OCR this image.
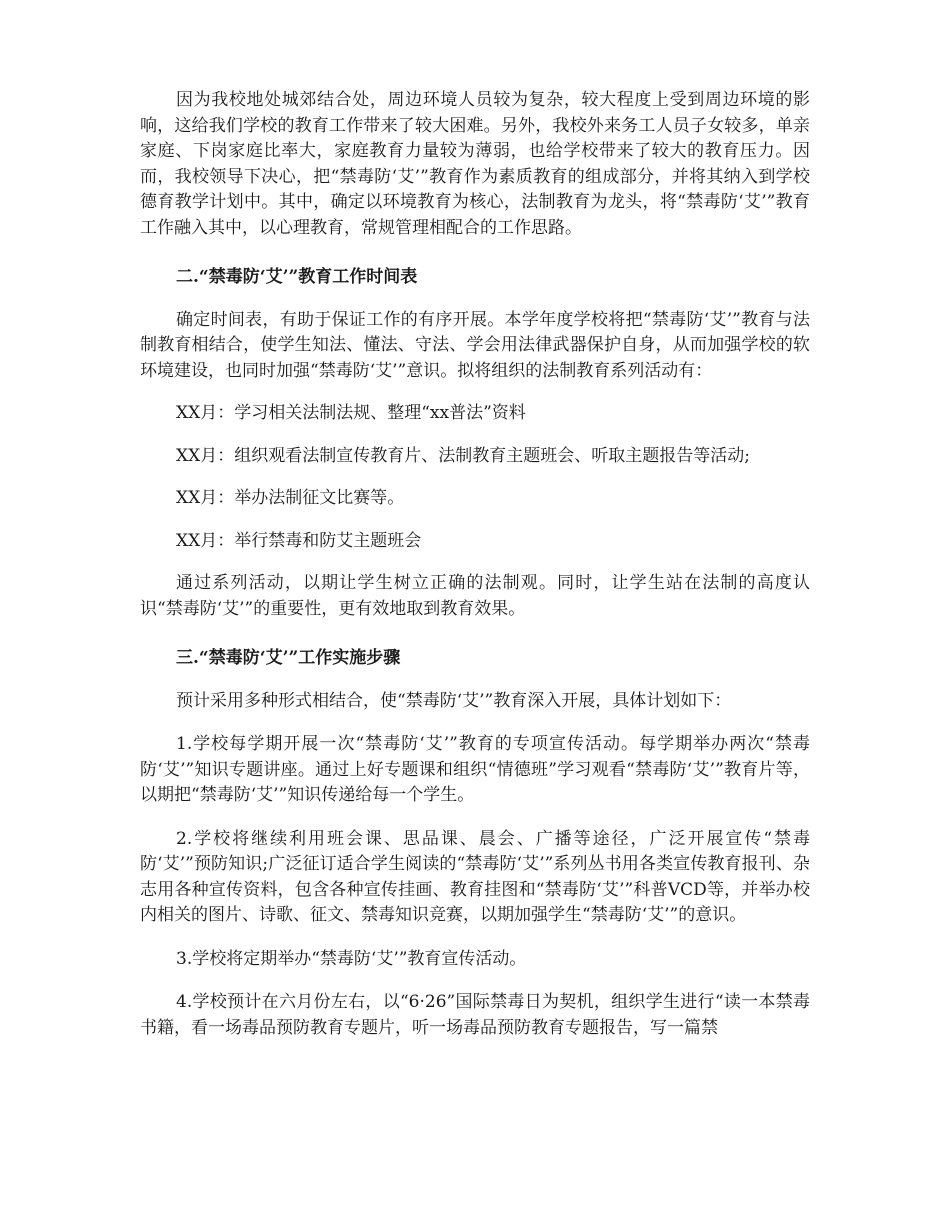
因为我校地处城郊结合处，周边环境人员较为复杂，较大程度上受到周边环境的影响，这给我们学校的教育工作带来了较大困难。另外，我校外来务工人员子女较多，单亲家庭、下岗家庭比率大，家庭教育力量较为薄弱，也给学校带来了较大的教育压力。因而，我校领导下决心，把“禁毒防‘艾’”教育作为素质教育的组成部分，并将其纳入到学校德育教学计划中。其中，确定以环境教育为核心，法制教育为龙头，将“禁毒防‘艾’”教育工作融入其中，以心理教育，常规管理相配合的工作思路。

二.“禁毒防‘艾’”教育工作时间表

确定时间表，有助于保证工作的有序开展。本学年度学校将把“禁毒防‘艾’”教育与法制教育相结合，使学生知法、懂法、守法、学会用法律武器保护自身，从而加强学校的软环境建设，也同时加强“禁毒防‘艾’”意识。拟将组织的法制教育系列活动有：

XX月：学习相关法制法规、整理“xx普法”资料

XX月：组织观看法制宣传教育片、法制教育主题班会、听取主题报告等活动;

XX月：举办法制征文比赛等。

XX月：举行禁毒和防艾主题班会

通过系列活动，以期让学生树立正确的法制观。同时，让学生站在法制的高度认识“禁毒防‘艾’”的重要性，更有效地取到教育效果。

三.“禁毒防‘艾’”工作实施步骤

预计采用多种形式相结合，使“禁毒防‘艾’”教育深入开展，具体计划如下：

1.学校每学期开展一次“禁毒防‘艾’”教育的专项宣传活动。每学期举办两次“禁毒防‘艾’”知识专题讲座。通过上好专题课和组织“情德班”学习观看“禁毒防‘艾’”教育片等，以期把“禁毒防‘艾’”知识传递给每一个学生。

2.学校将继续利用班会课、思品课、晨会、广播等途径，广泛开展宣传“禁毒防‘艾’”预防知识;广泛征订适合学生阅读的“禁毒防‘艾’”系列丛书用各类宣传教育报刊、杂志用各种宣传资料，包含各种宣传挂画、教育挂图和“禁毒防‘艾’”科普VCD等，并举办校内相关的图片、诗歌、征文、禁毒知识竞赛，以期加强学生“禁毒防‘艾’”的意识。

3.学校将定期举办“禁毒防‘艾’”教育宣传活动。

4.学校预计在六月份左右，以“6·26”国际禁毒日为契机，组织学生进行“读一本禁毒书籍，看一场毒品预防教育专题片，听一场毒品预防教育专题报告，写一篇禁
